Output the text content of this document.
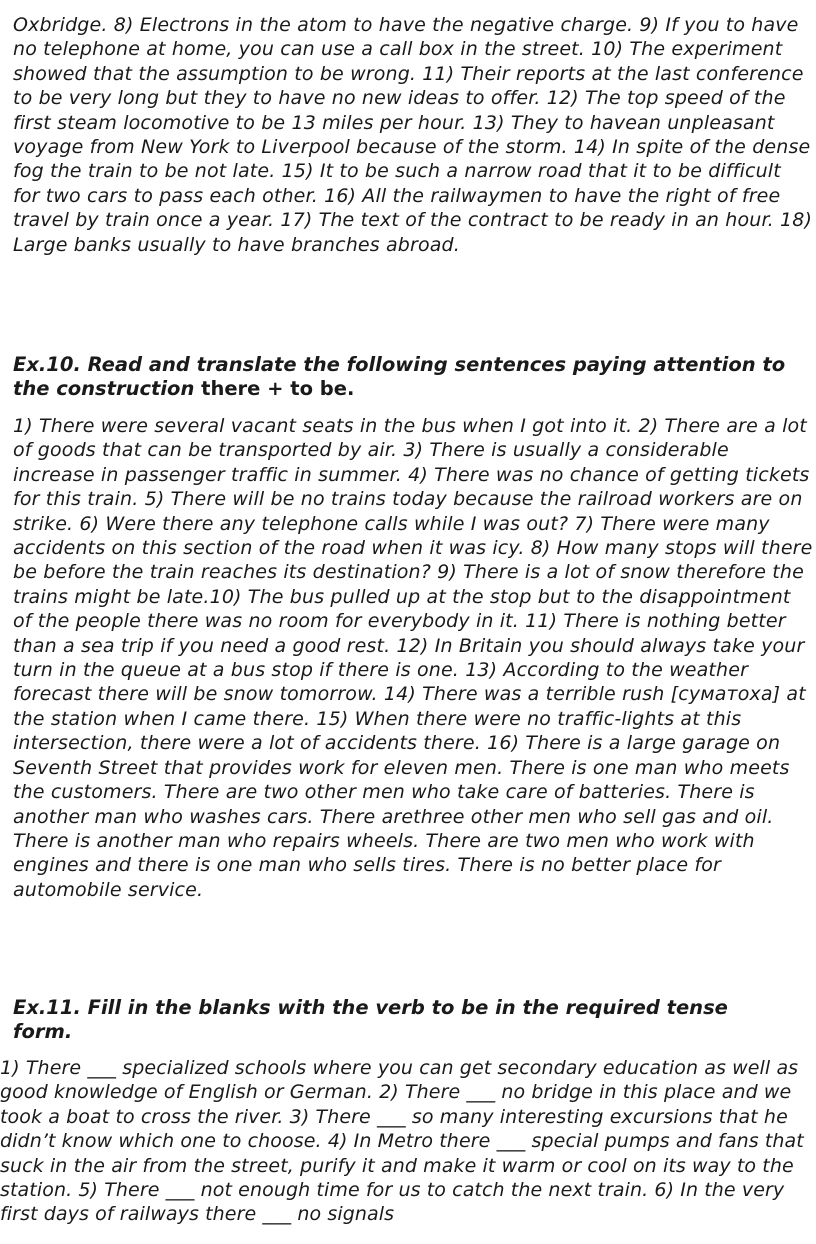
Oxbridge. 8) Electrons in the atom to have the negative charge. 9) If you to have no telephone at home, you can use a call box in the street. 10) The experiment showed that the assumption to be wrong. 11) Their reports at the last conference to be very long but they to have no new ideas to offer. 12) The top speed of the first steam locomotive to be 13 miles per hour. 13) They to havean unpleasant voyage from New York to Liverpool because of the storm. 14) In spite of the dense fog the train to be not late. 15) It to be such a narrow road that it to be difficult for two cars to pass each other. 16) All the railwaymen to have the right of free travel by train once a year. 17) The text of the contract to be ready in an hour. 18) Large banks usually to have branches abroad.

Ex.10. Read and translate the following sentences paying attention to the construction there + to be.

1) There were several vacant seats in the bus when I got into it. 2) There are a lot of goods that can be transported by air. 3) There is usually a considerable increase in passenger traffic in summer. 4) There was no chance of getting tickets for this train. 5) There will be no trains today because the railroad workers are on strike. 6) Were there any telephone calls while I was out? 7) There were many accidents on this section of the road when it was icy. 8) How many stops will there be before the train reaches its destination? 9) There is a lot of snow therefore the trains might be late.10) The bus pulled up at the stop but to the disappointment of the people there was no room for everybody in it. 11) There is nothing better than a sea trip if you need a good rest. 12) In Britain you should always take your turn in the queue at a bus stop if there is one. 13) According to the weather forecast there will be snow tomorrow. 14) There was a terrible rush [суматоха] at the station when I came there. 15) When there were no traffic-lights at this intersection, there were a lot of accidents there. 16) There is a large garage on Seventh Street that provides work for eleven men. There is one man who meets the customers. There are two other men who take care of batteries. There is another man who washes cars. There arethree other men who sell gas and oil. There is another man who repairs wheels. There are two men who work with engines and there is one man who sells tires. There is no better place for automobile service.

Ex.11. Fill in the blanks with the verb to be in the required tense form.

1) There ___ specialized schools where you can get secondary education as well as good knowledge of English or German. 2) There ___ no bridge in this place and we took a boat to cross the river. 3) There ___ so many interesting excursions that he didn’t know which one to choose. 4) In Metro there ___ special pumps and fans that suck in the air from the street, purify it and make it warm or cool on its way to the station. 5) There ___ not enough time for us to catch the next train. 6) In the very first days of railways there ___ no signals
